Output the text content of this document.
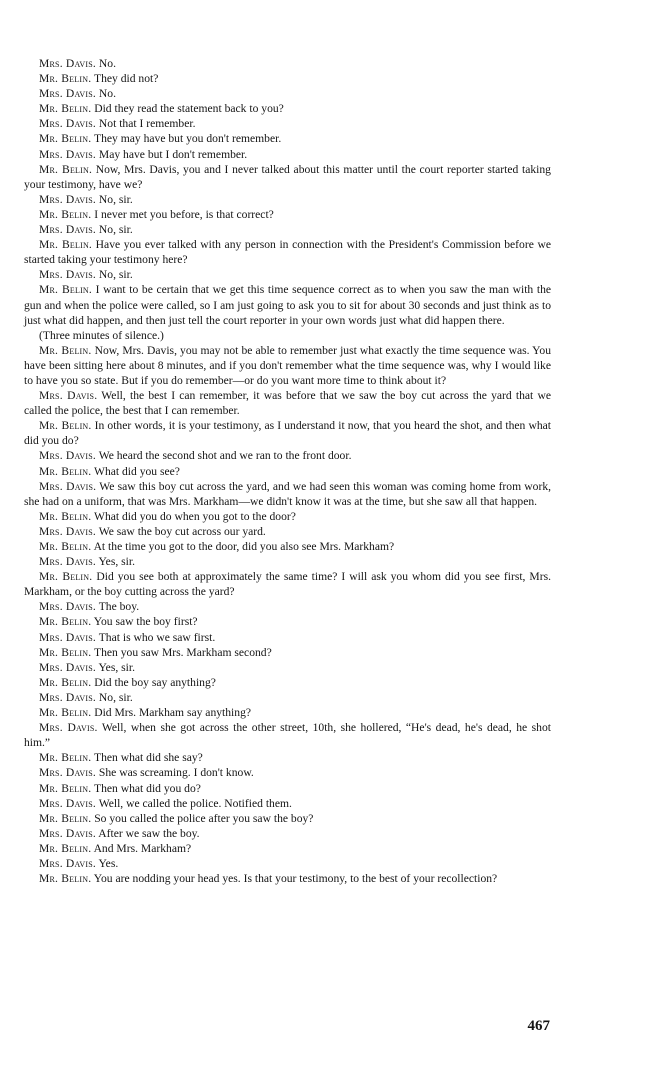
Mrs. Davis. No.

Mr. Belin. They did not?

Mrs. Davis. No.

Mr. Belin. Did they read the statement back to you?

Mrs. Davis. Not that I remember.

Mr. Belin. They may have but you don't remember.

Mrs. Davis. May have but I don't remember.

Mr. Belin. Now, Mrs. Davis, you and I never talked about this matter until the court reporter started taking your testimony, have we?

Mrs. Davis. No, sir.

Mr. Belin. I never met you before, is that correct?

Mrs. Davis. No, sir.

Mr. Belin. Have you ever talked with any person in connection with the President's Commission before we started taking your testimony here?

Mrs. Davis. No, sir.

Mr. Belin. I want to be certain that we get this time sequence correct as to when you saw the man with the gun and when the police were called, so I am just going to ask you to sit for about 30 seconds and just think as to just what did happen, and then just tell the court reporter in your own words just what did happen there.

(Three minutes of silence.)

Mr. Belin. Now, Mrs. Davis, you may not be able to remember just what exactly the time sequence was. You have been sitting here about 8 minutes, and if you don't remember what the time sequence was, why I would like to have you so state. But if you do remember—or do you want more time to think about it?

Mrs. Davis. Well, the best I can remember, it was before that we saw the boy cut across the yard that we called the police, the best that I can remember.

Mr. Belin. In other words, it is your testimony, as I understand it now, that you heard the shot, and then what did you do?

Mrs. Davis. We heard the second shot and we ran to the front door.

Mr. Belin. What did you see?

Mrs. Davis. We saw this boy cut across the yard, and we had seen this woman was coming home from work, she had on a uniform, that was Mrs. Markham—we didn't know it was at the time, but she saw all that happen.

Mr. Belin. What did you do when you got to the door?

Mrs. Davis. We saw the boy cut across our yard.

Mr. Belin. At the time you got to the door, did you also see Mrs. Markham?

Mrs. Davis. Yes, sir.

Mr. Belin. Did you see both at approximately the same time? I will ask you whom did you see first, Mrs. Markham, or the boy cutting across the yard?

Mrs. Davis. The boy.

Mr. Belin. You saw the boy first?

Mrs. Davis. That is who we saw first.

Mr. Belin. Then you saw Mrs. Markham second?

Mrs. Davis. Yes, sir.

Mr. Belin. Did the boy say anything?

Mrs. Davis. No, sir.

Mr. Belin. Did Mrs. Markham say anything?

Mrs. Davis. Well, when she got across the other street, 10th, she hollered, “He's dead, he's dead, he shot him.”

Mr. Belin. Then what did she say?

Mrs. Davis. She was screaming. I don't know.

Mr. Belin. Then what did you do?

Mrs. Davis. Well, we called the police. Notified them.

Mr. Belin. So you called the police after you saw the boy?

Mrs. Davis. After we saw the boy.

Mr. Belin. And Mrs. Markham?

Mrs. Davis. Yes.

Mr. Belin. You are nodding your head yes. Is that your testimony, to the best of your recollection?

467
